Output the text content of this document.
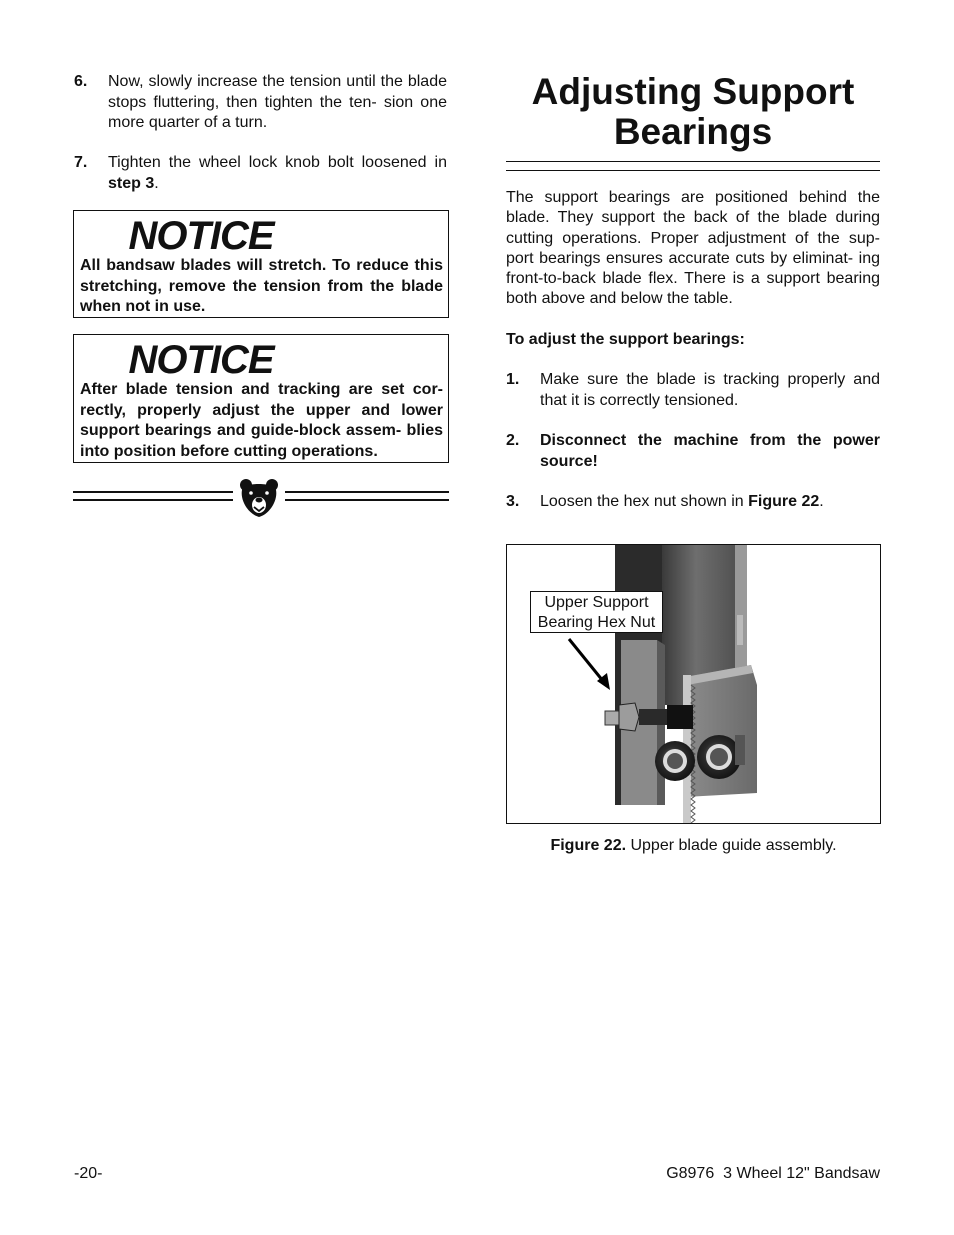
6. Now, slowly increase the tension until the blade stops fluttering, then tighten the ten- sion one more quarter of a turn.
7. Tighten the wheel lock knob bolt loosened in step 3.
NOTICE
All bandsaw blades will stretch. To reduce this stretching, remove the tension from the blade when not in use.
NOTICE
After blade tension and tracking are set cor- rectly, properly adjust the upper and lower support bearings and guide-block assem- blies into position before cutting operations.
Adjusting Support
Bearings
The support bearings are positioned behind the blade. They support the back of the blade during cutting operations. Proper adjustment of the sup- port bearings ensures accurate cuts by eliminat- ing front-to-back blade flex. There is a support bearing both above and below the table.
To adjust the support bearings:
1. Make sure the blade is tracking properly and that it is correctly tensioned.
2. Disconnect the machine from the power source!
3. Loosen the hex nut shown in Figure 22.
Upper Support
Bearing Hex Nut
Figure 22. Upper blade guide assembly.
-20-	G8976  3 Wheel 12" Bandsaw
